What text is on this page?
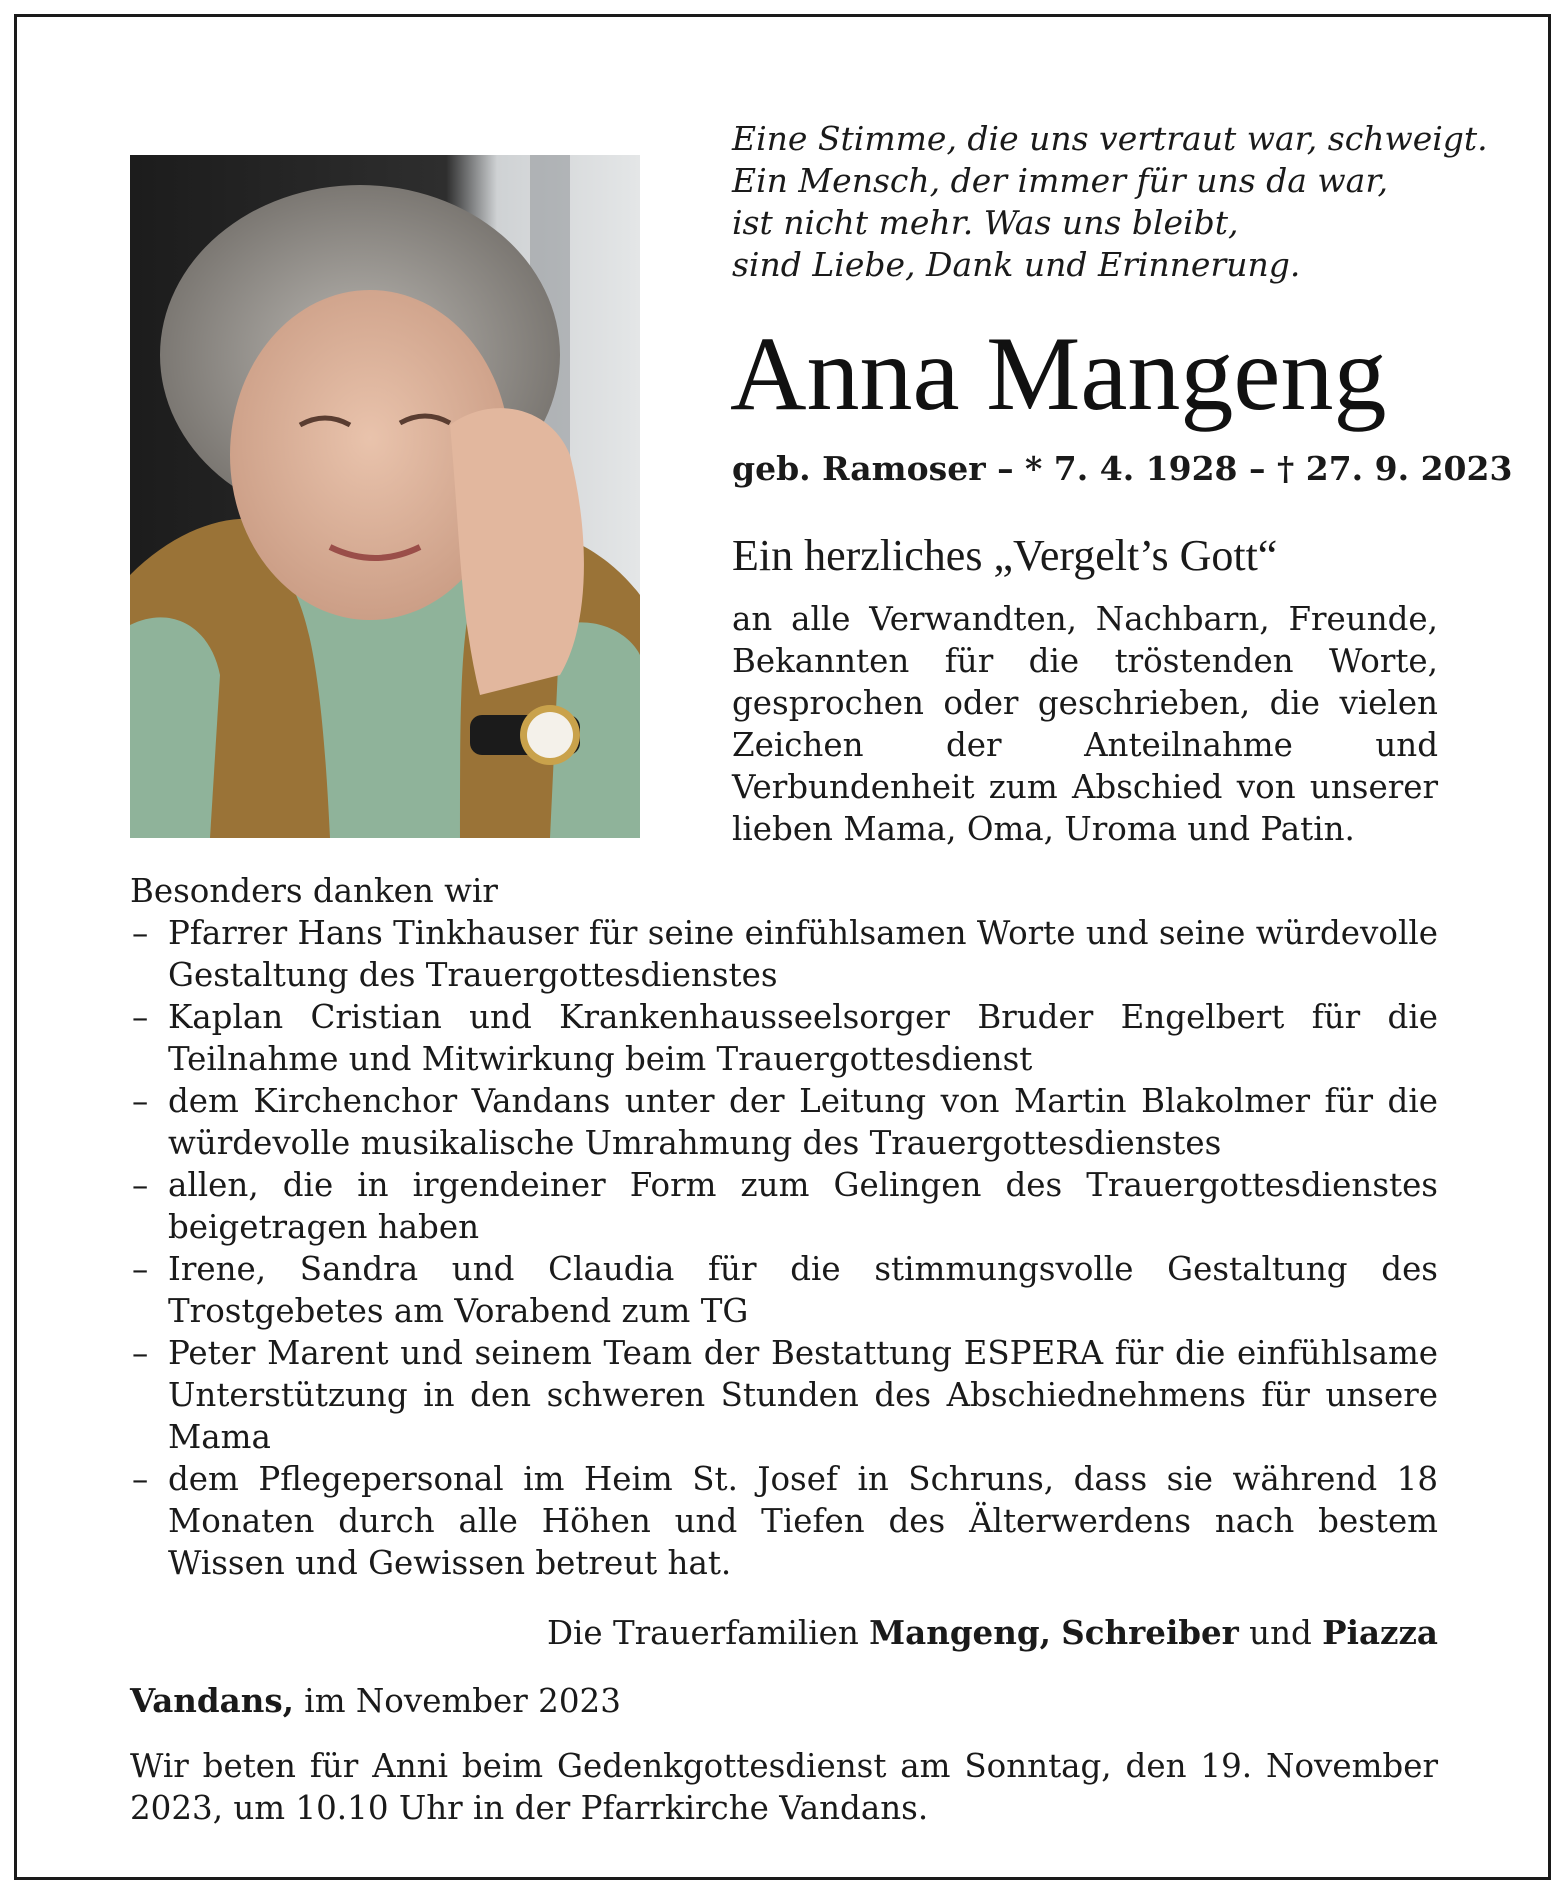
Eine Stimme, die uns vertraut war, schweigt.
Ein Mensch, der immer für uns da war,
ist nicht mehr. Was uns bleibt,
sind Liebe, Dank und Erinnerung.
Anna Mangeng
geb. Ramoser – * 7. 4. 1928 – † 27. 9. 2023
Ein herzliches „Vergelt’s Gott“
an alle Verwandten, Nachbarn, Freunde, Bekannten für die tröstenden Worte, gesprochen oder geschrieben, die vielen Zeichen der Anteilnahme und Verbundenheit zum Abschied von unserer lieben Mama, Oma, Uroma und Patin.
Besonders danken wir
– Pfarrer Hans Tinkhauser für seine einfühlsamen Worte und seine würdevolle Gestaltung des Trauergottesdienstes
– Kaplan Cristian und Krankenhausseelsorger Bruder Engelbert für die Teilnahme und Mitwirkung beim Trauergottesdienst
– dem Kirchenchor Vandans unter der Leitung von Martin Blakolmer für die würdevolle musikalische Umrahmung des Trauergottesdienstes
– allen, die in irgendeiner Form zum Gelingen des Trauergottesdienstes beigetragen haben
– Irene, Sandra und Claudia für die stimmungsvolle Gestaltung des Trostgebetes am Vorabend zum TG
– Peter Marent und seinem Team der Bestattung ESPERA für die einfühlsame Unterstützung in den schweren Stunden des Abschiednehmens für unsere Mama
– dem Pflegepersonal im Heim St. Josef in Schruns, dass sie während 18 Monaten durch alle Höhen und Tiefen des Älterwerdens nach bestem Wissen und Gewissen betreut hat.
Die Trauerfamilien Mangeng, Schreiber und Piazza
Vandans, im November 2023
Wir beten für Anni beim Gedenkgottesdienst am Sonntag, den 19. November 2023, um 10.10 Uhr in der Pfarrkirche Vandans.
